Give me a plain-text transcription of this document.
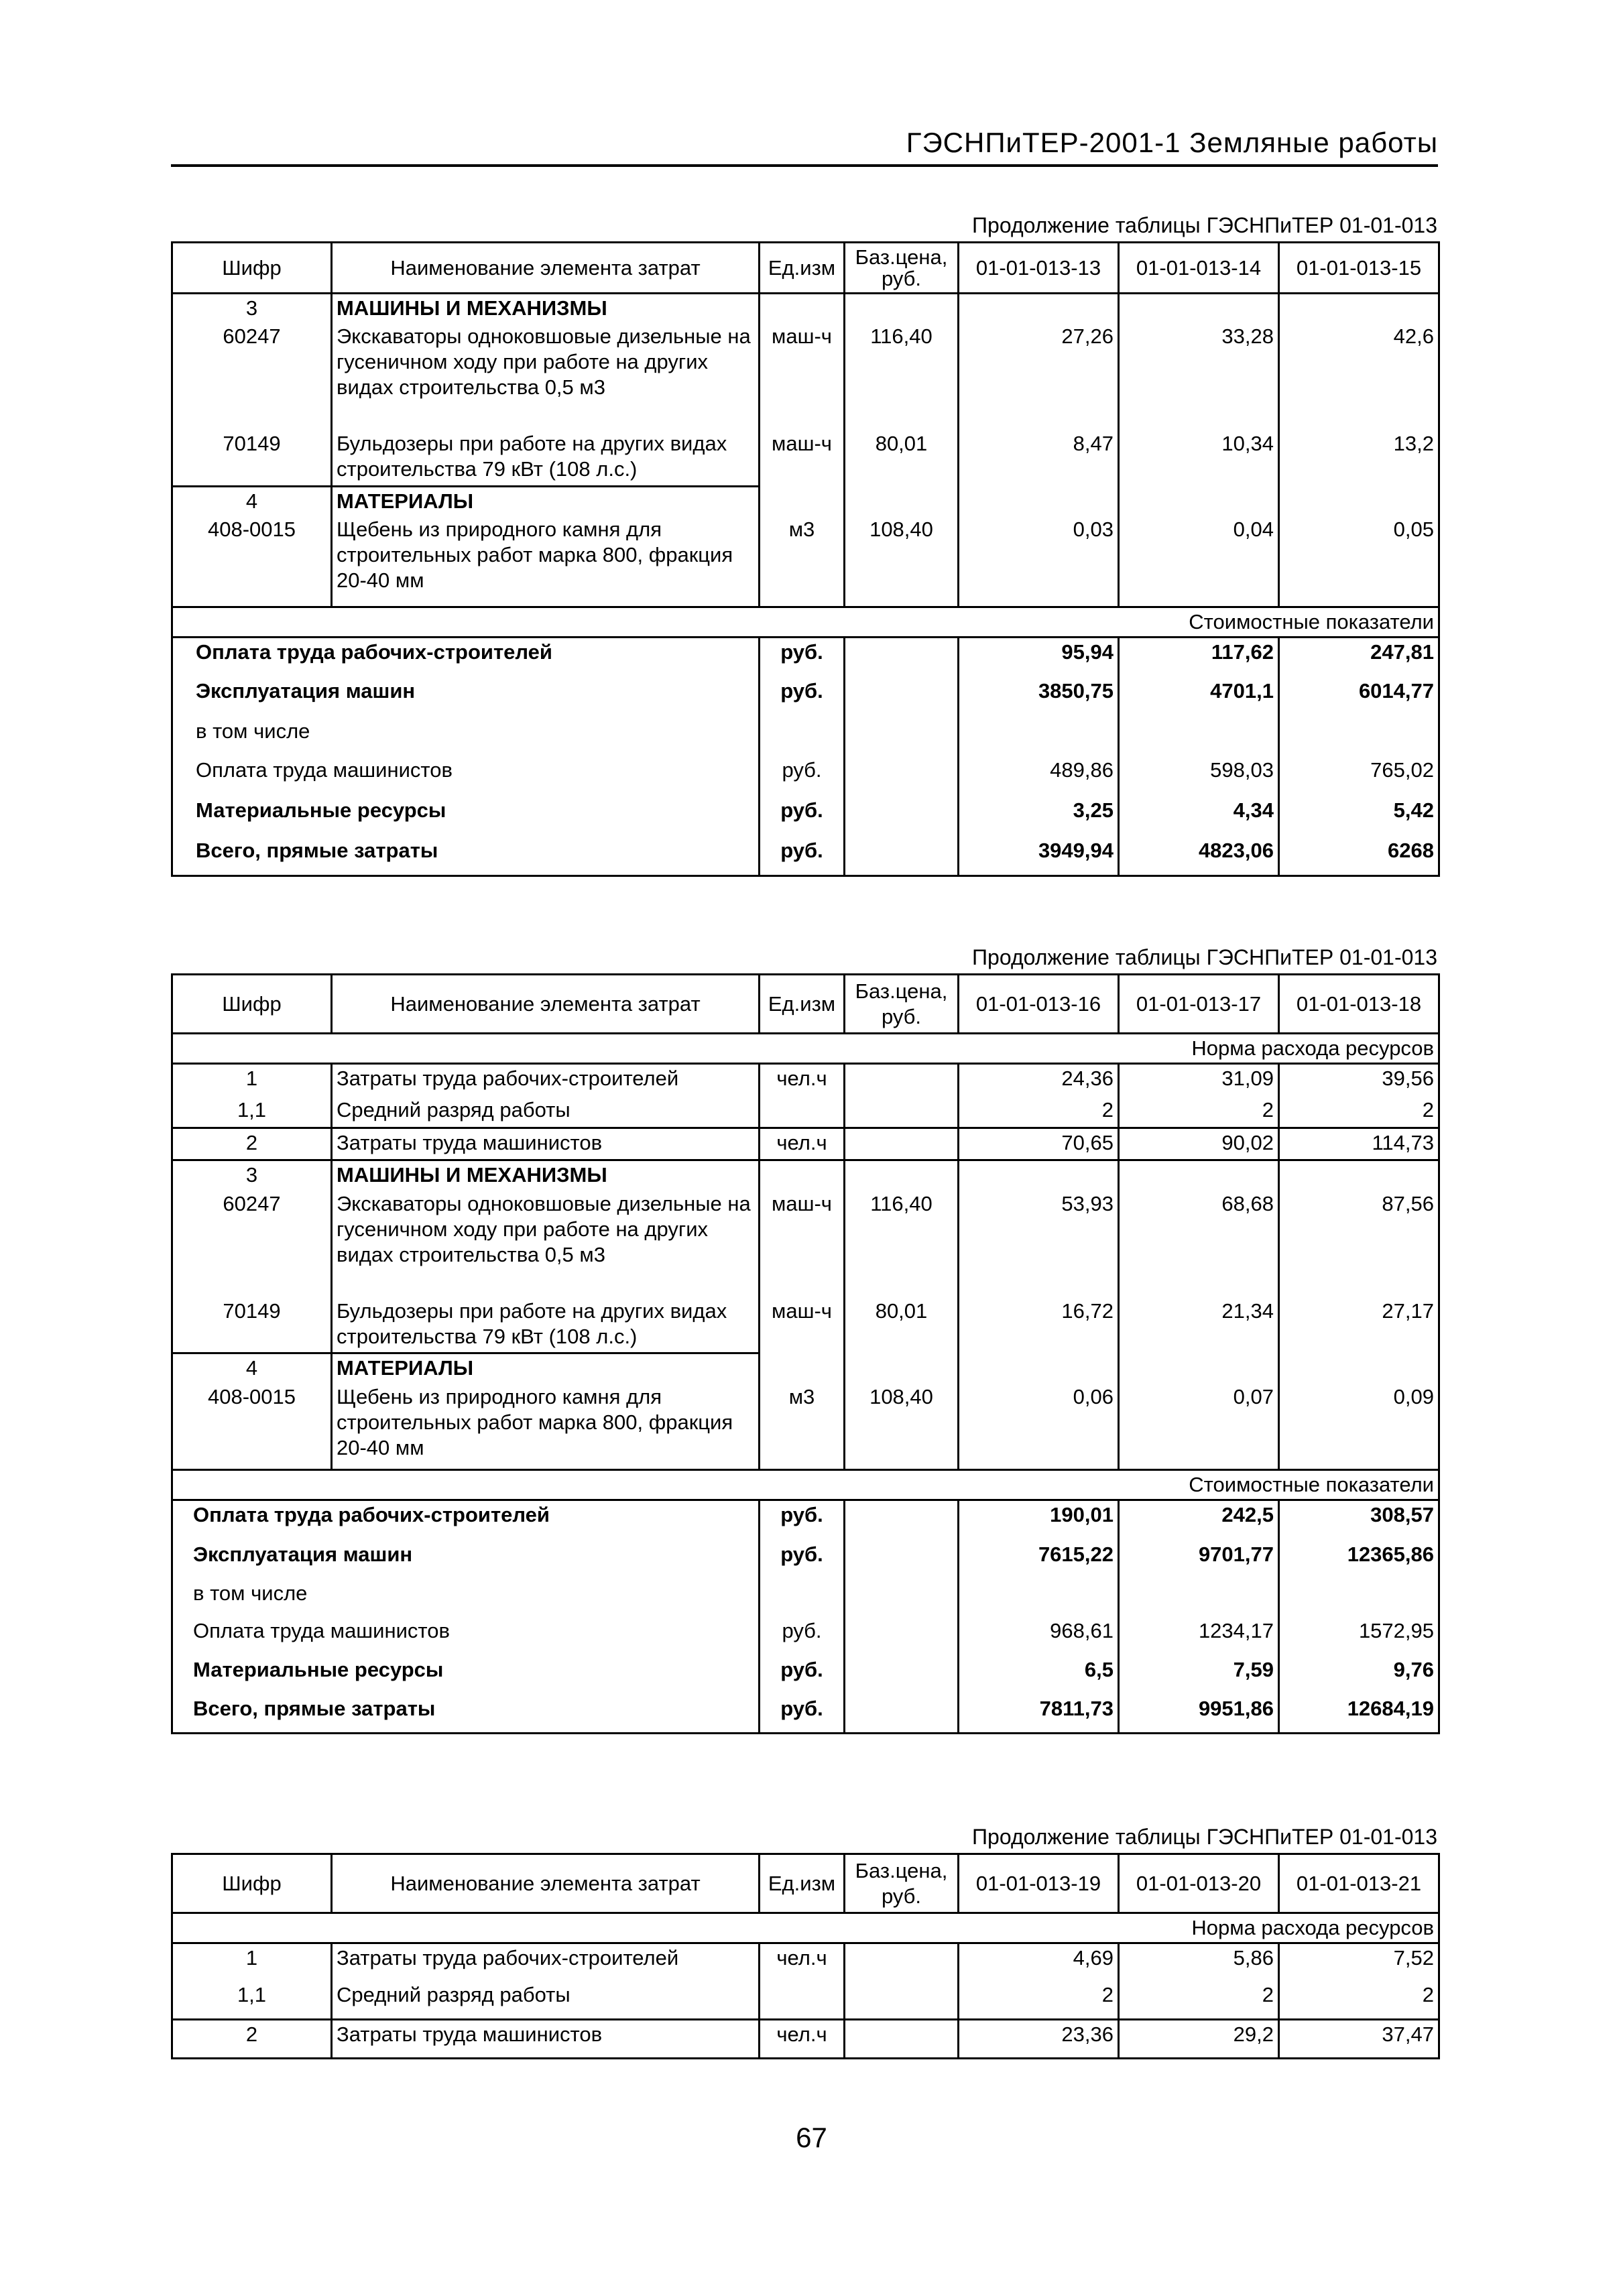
ГЭСНПиТЕР-2001-1 Земляные работы
Продолжение таблицы ГЭСНПиТЕР 01-01-013
Шифр	Наименование элемента затрат	Ед.изм	Баз.цена, руб.	01-01-013-13	01-01-013-14	01-01-013-15
3	МАШИНЫ И МЕХАНИЗМЫ					
60247	Экскаваторы одноковшовые дизельные на гусеничном ходу при работе на других видах строительства 0,5 м3	маш-ч	116,40	27,26	33,28	42,6
70149	Бульдозеры при работе на других видах строительства 79 кВт (108 л.с.)	маш-ч	80,01	8,47	10,34	13,2
4	МАТЕРИАЛЫ					
408-0015	Щебень из природного камня для строительных работ марка 800, фракция 20-40 мм	м3	108,40	0,03	0,04	0,05
Стоимостные показатели						
Оплата труда рабочих-строителей		руб.		95,94	117,62	247,81
Эксплуатация машин		руб.		3850,75	4701,1	6014,77
в том числе						
Оплата труда машинистов		руб.		489,86	598,03	765,02
Материальные ресурсы		руб.		3,25	4,34	5,42
Всего, прямые затраты		руб.		3949,94	4823,06	6268
Продолжение таблицы ГЭСНПиТЕР 01-01-013
Шифр	Наименование элемента затрат	Ед.изм	Баз.цена, руб.	01-01-013-16	01-01-013-17	01-01-013-18
Норма расхода ресурсов						
1	Затраты труда рабочих-строителей	чел.ч		24,36	31,09	39,56
1,1	Средний разряд работы			2	2	2
2	Затраты труда машинистов	чел.ч		70,65	90,02	114,73
3	МАШИНЫ И МЕХАНИЗМЫ					
60247	Экскаваторы одноковшовые дизельные на гусеничном ходу при работе на других видах строительства 0,5 м3	маш-ч	116,40	53,93	68,68	87,56
70149	Бульдозеры при работе на других видах строительства 79 кВт (108 л.с.)	маш-ч	80,01	16,72	21,34	27,17
4	МАТЕРИАЛЫ					
408-0015	Щебень из природного камня для строительных работ марка 800, фракция 20-40 мм	м3	108,40	0,06	0,07	0,09
Стоимостные показатели						
Оплата труда рабочих-строителей		руб.		190,01	242,5	308,57
Эксплуатация машин		руб.		7615,22	9701,77	12365,86
в том числе						
Оплата труда машинистов		руб.		968,61	1234,17	1572,95
Материальные ресурсы		руб.		6,5	7,59	9,76
Всего, прямые затраты		руб.		7811,73	9951,86	12684,19
Продолжение таблицы ГЭСНПиТЕР 01-01-013
Шифр	Наименование элемента затрат	Ед.изм	Баз.цена, руб.	01-01-013-19	01-01-013-20	01-01-013-21
Норма расхода ресурсов						
1	Затраты труда рабочих-строителей	чел.ч		4,69	5,86	7,52
1,1	Средний разряд работы			2	2	2
2	Затраты труда машинистов	чел.ч		23,36	29,2	37,47
67
